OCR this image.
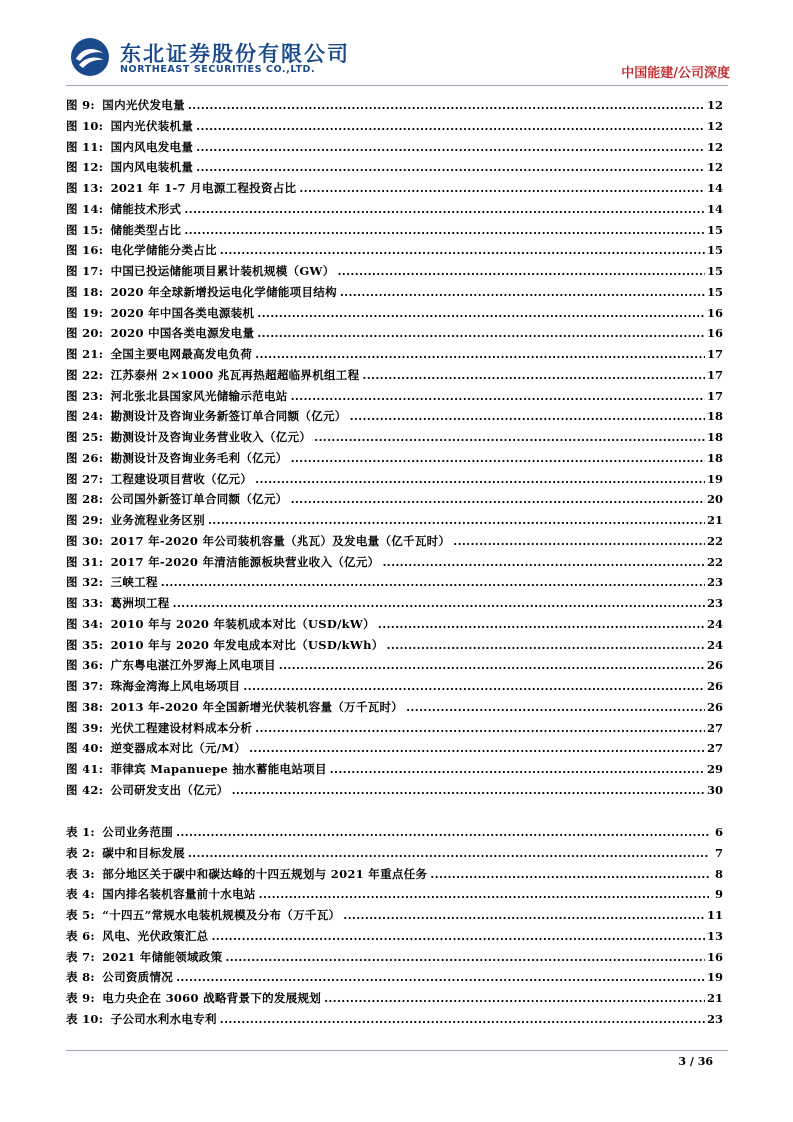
东北证券股份有限公司
NORTHEAST SECURITIES CO.,LTD.	中国能建/公司深度
图 9: 国内光伏发电量 .....	12
图 10: 国内光伏装机量 .....	12
图 11: 国内风电发电量 .....	12
图 12: 国内风电装机量 .....	12
图 13: 2021 年 1-7 月电源工程投资占比 .....	14
图 14: 储能技术形式 .....	14
图 15: 储能类型占比 .....	15
图 16: 电化学储能分类占比 .....	15
图 17: 中国已投运储能项目累计装机规模（GW） .....	15
图 18: 2020 年全球新增投运电化学储能项目结构 .....	15
图 19: 2020 年中国各类电源装机 .....	16
图 20: 2020 中国各类电源发电量 .....	16
图 21: 全国主要电网最高发电负荷 .....	17
图 22: 江苏泰州 2×1000 兆瓦再热超超临界机组工程 .....	17
图 23: 河北张北县国家风光储输示范电站 .....	17
图 24: 勘测设计及咨询业务新签订单合同额（亿元） .....	18
图 25: 勘测设计及咨询业务营业收入（亿元） .....	18
图 26: 勘测设计及咨询业务毛利（亿元） .....	18
图 27: 工程建设项目营收（亿元） .....	19
图 28: 公司国外新签订单合同额（亿元） .....	20
图 29: 业务流程业务区别 .....	21
图 30: 2017 年-2020 年公司装机容量（兆瓦）及发电量（亿千瓦时） .....	22
图 31: 2017 年-2020 年清洁能源板块营业收入（亿元） .....	22
图 32: 三峡工程 .....	23
图 33: 葛洲坝工程 .....	23
图 34: 2010 年与 2020 年装机成本对比（USD/kW） .....	24
图 35: 2010 年与 2020 年发电成本对比（USD/kWh） .....	24
图 36: 广东粤电湛江外罗海上风电项目 .....	26
图 37: 珠海金湾海上风电场项目 .....	26
图 38: 2013 年-2020 年全国新增光伏装机容量（万千瓦时） .....	26
图 39: 光伏工程建设材料成本分析 .....	27
图 40: 逆变器成本对比（元/M） .....	27
图 41: 菲律宾 Mapanuepe 抽水蓄能电站项目 .....	29
图 42: 公司研发支出（亿元） .....	30
表 1: 公司业务范围 .....	6
表 2: 碳中和目标发展 .....	7
表 3: 部分地区关于碳中和碳达峰的十四五规划与 2021 年重点任务 .....	8
表 4: 国内排名装机容量前十水电站 .....	9
表 5: “十四五”常规水电装机规模及分布（万千瓦） .....	11
表 6: 风电、光伏政策汇总 .....	13
表 7: 2021 年储能领域政策 .....	16
表 8: 公司资质情况 .....	19
表 9: 电力央企在 3060 战略背景下的发展规划 .....	21
表 10: 子公司水利水电专利 .....	23
3 / 36
